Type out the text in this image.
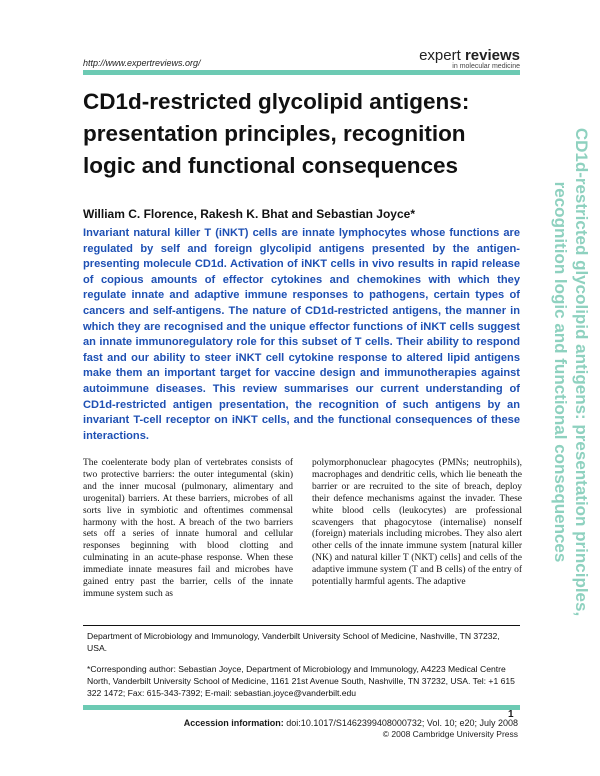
http://www.expertreviews.org/	expert reviews
in molecular medicine
CD1d-restricted glycolipid antigens:
presentation principles, recognition
logic and functional consequences
William C. Florence, Rakesh K. Bhat and Sebastian Joyce*
Invariant natural killer T (iNKT) cells are innate lymphocytes whose functions are regulated by self and foreign glycolipid antigens presented by the antigen-presenting molecule CD1d. Activation of iNKT cells in vivo results in rapid release of copious amounts of effector cytokines and chemokines with which they regulate innate and adaptive immune responses to pathogens, certain types of cancers and self-antigens. The nature of CD1d-restricted antigens, the manner in which they are recognised and the unique effector functions of iNKT cells suggest an innate immunoregulatory role for this subset of T cells. Their ability to respond fast and our ability to steer iNKT cell cytokine response to altered lipid antigens make them an important target for vaccine design and immunotherapies against autoimmune diseases. This review summarises our current understanding of CD1d-restricted antigen presentation, the recognition of such antigens by an invariant T-cell receptor on iNKT cells, and the functional consequences of these interactions.
The coelenterate body plan of vertebrates consists of two protective barriers: the outer integumental (skin) and the inner mucosal (pulmonary, alimentary and urogenital) barriers. At these barriers, microbes of all sorts live in symbiotic and oftentimes commensal harmony with the host. A breach of the two barriers sets off a series of innate humoral and cellular responses beginning with blood clotting and culminating in an acute-phase response. When these immediate innate measures fail and microbes have gained entry past the barrier, cells of the innate immune system such as
polymorphonuclear phagocytes (PMNs; neutrophils), macrophages and dendritic cells, which lie beneath the barrier or are recruited to the site of breach, deploy their defence mechanisms against the invader. These white blood cells (leukocytes) are professional scavengers that phagocytose (internalise) nonself (foreign) materials including microbes. They also alert other cells of the innate immune system [natural killer (NK) and natural killer T (NKT) cells] and cells of the adaptive immune system (T and B cells) of the entry of potentially harmful agents. The adaptive

Department of Microbiology and Immunology, Vanderbilt University School of Medicine, Nashville, TN 37232, USA.

*Corresponding author: Sebastian Joyce, Department of Microbiology and Immunology, A4223 Medical Centre North, Vanderbilt University School of Medicine, 1161 21st Avenue South, Nashville, TN 37232, USA. Tel: +1 615 322 1472; Fax: 615-343-7392; E-mail: sebastian.joyce@vanderbilt.edu

1
Accession information: doi:10.1017/S1462399408000732; Vol. 10; e20; July 2008
© 2008 Cambridge University Press
CD1d-restricted glycolipid antigens: presentation principles,
recognition logic and functional consequences
